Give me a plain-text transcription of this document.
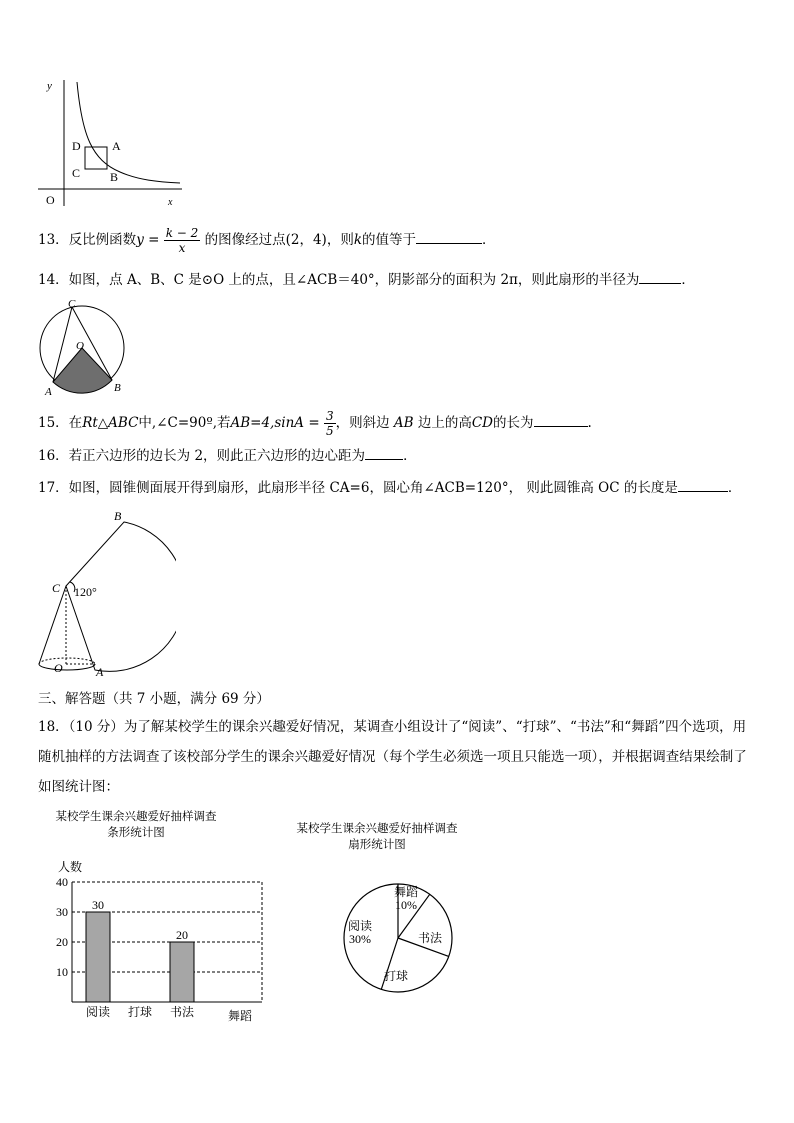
y
x
O
D	A
C B
13．反比例函数$y = \frac{k - 2}{x}$ 的图像经过点(2，4)，则k的值等于	．
14．如图，点 A、B、C 是⊙O 上的点，且∠ACB＝40°，阴影部分的面积为 2π，则此扇形的半径为	．
C
O
A	B
15．在Rt△ABC中,∠C=90º,若$AB=4,\sin A = \frac{3}{5}$ ，则斜边 AB 边上的高CD的长为	.
16．若正六边形的边长为 2，则此正六边形的边心距为	．
17．如图，圆锥侧面展开得到扇形，此扇形半径 CA=6，圆心角∠ACB=120°， 则此圆锥高 OC 的长度是	．
B
C 120°
O	A
三、解答题（共 7 小题，满分 69 分）
18．（10 分）为了解某校学生的课余兴趣爱好情况，某调查小组设计了“阅读”、“打球”、“书法”和“舞蹈”四个选项，用随机抽样的方法调查了该校部分学生的课余兴趣爱好情况（每个学生必须选一项且只能选一项），并根据调查结果绘制了如图统计图：
某校学生课余兴趣爱好抽样调查
条形统计图
人数
10
20
30
40
30
阅读 打球
20
书法	舞蹈
某校学生课余兴趣爱好抽样调查
扇形统计图
舞蹈
10%
书法
打球
阅读
30%
